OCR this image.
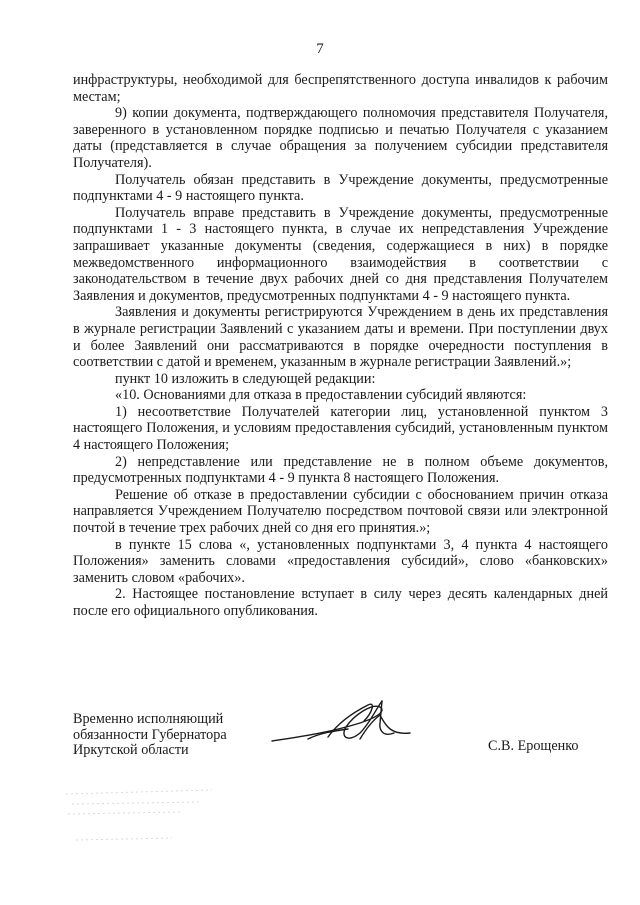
7

инфраструктуры, необходимой для беспрепятственного доступа инвалидов к рабочим местам;

9) копии документа, подтверждающего полномочия представителя Получателя, заверенного в установленном порядке подписью и печатью Получателя с указанием даты (представляется в случае обращения за получением субсидии представителя Получателя).

Получатель обязан представить в Учреждение документы, предусмотренные подпунктами 4 - 9 настоящего пункта.

Получатель вправе представить в Учреждение документы, предусмотренные подпунктами 1 - 3 настоящего пункта, в случае их непредставления Учреждение запрашивает указанные документы (сведения, содержащиеся в них) в порядке межведомственного информационного взаимодействия в соответствии с законодательством в течение двух рабочих дней со дня представления Получателем Заявления и документов, предусмотренных подпунктами 4 - 9 настоящего пункта.

Заявления и документы регистрируются Учреждением в день их представления в журнале регистрации Заявлений с указанием даты и времени. При поступлении двух и более Заявлений они рассматриваются в порядке очередности поступления в соответствии с датой и временем, указанным в журнале регистрации Заявлений.»;

пункт 10 изложить в следующей редакции:

«10. Основаниями для отказа в предоставлении субсидий являются:

1) несоответствие Получателей категории лиц, установленной пунктом 3 настоящего Положения, и условиям предоставления субсидий, установленным пунктом 4 настоящего Положения;

2) непредставление или представление не в полном объеме документов, предусмотренных подпунктами 4 - 9 пункта 8 настоящего Положения.

Решение об отказе в предоставлении субсидии с обоснованием причин отказа направляется Учреждением Получателю посредством почтовой связи или электронной почтой в течение трех рабочих дней со дня его принятия.»;

в пункте 15 слова «, установленных подпунктами 3, 4 пункта 4 настоящего Положения» заменить словами «предоставления субсидий», слово «банковских» заменить словом «рабочих».

2. Настоящее постановление вступает в силу через десять календарных дней после его официального опубликования.

Временно исполняющий
обязанности Губернатора
Иркутской области	С.В. Ерощенко
